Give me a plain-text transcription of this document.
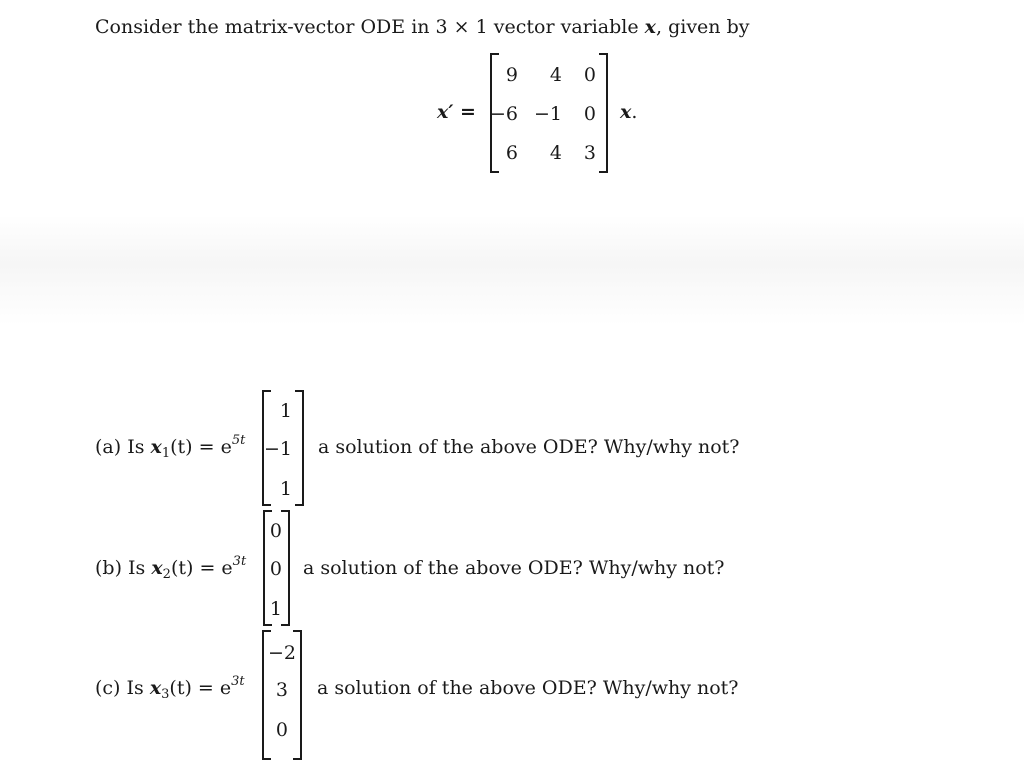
Consider the matrix-vector ODE in 3 × 1 vector variable x, given by
x′ =
9 4 0
−6 −1 0
6 4 3
x.
(a) Is $x_1(t) = e^{5t}$
1
−1
1
a solution of the above ODE? Why/why not?
(b) Is $x_2(t) = e^{3t}$
0
0
1
a solution of the above ODE? Why/why not?
(c) Is $x_3(t) = e^{3t}$
−2
3
0
a solution of the above ODE? Why/why not?
